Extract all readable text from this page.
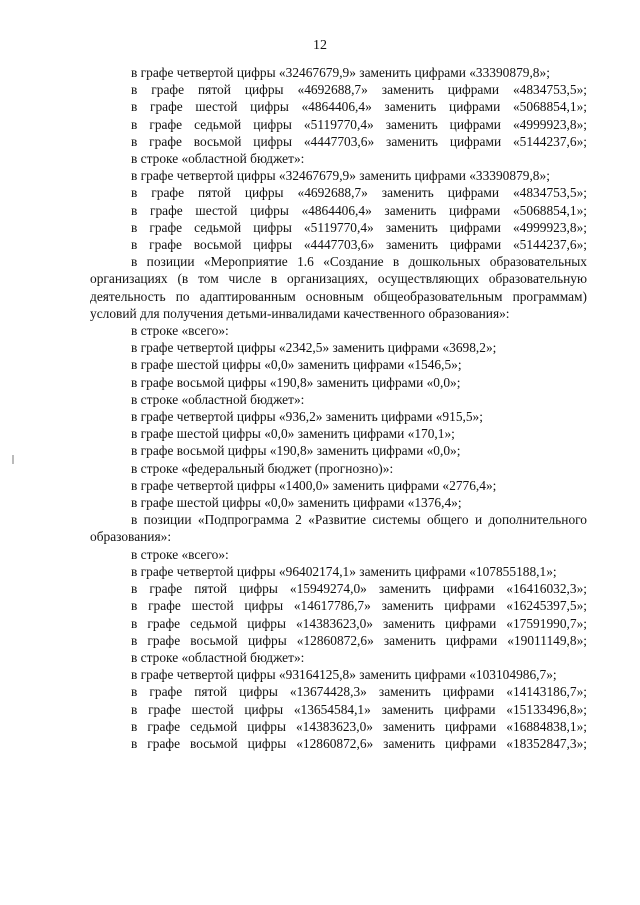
12
в графе четвертой цифры «32467679,9» заменить цифрами «33390879,8»;
в графе пятой цифры «4692688,7» заменить цифрами «4834753,5»;
в графе шестой цифры «4864406,4» заменить цифрами «5068854,1»;
в графе седьмой цифры «5119770,4» заменить цифрами «4999923,8»;
в графе восьмой цифры «4447703,6» заменить цифрами «5144237,6»;
в строке «областной бюджет»:
в графе четвертой цифры «32467679,9» заменить цифрами «33390879,8»;
в графе пятой цифры «4692688,7» заменить цифрами «4834753,5»;
в графе шестой цифры «4864406,4» заменить цифрами «5068854,1»;
в графе седьмой цифры «5119770,4» заменить цифрами «4999923,8»;
в графе восьмой цифры «4447703,6» заменить цифрами «5144237,6»;
в позиции «Мероприятие 1.6 «Создание в дошкольных образовательных организациях (в том числе в организациях, осуществляющих образовательную деятельность по адаптированным основным общеобразовательным программам) условий для получения детьми-инвалидами качественного образования»:
в строке «всего»:
в графе четвертой цифры «2342,5» заменить цифрами «3698,2»;
в графе шестой цифры «0,0» заменить цифрами «1546,5»;
в графе восьмой цифры «190,8» заменить цифрами «0,0»;
в строке «областной бюджет»:
в графе четвертой цифры «936,2» заменить цифрами «915,5»;
в графе шестой цифры «0,0» заменить цифрами «170,1»;
в графе восьмой цифры «190,8» заменить цифрами «0,0»;
в строке «федеральный бюджет (прогнозно)»:
в графе четвертой цифры «1400,0» заменить цифрами «2776,4»;
в графе шестой цифры «0,0» заменить цифрами «1376,4»;
в позиции «Подпрограмма 2 «Развитие системы общего и дополнительного образования»:
в строке «всего»:
в графе четвертой цифры «96402174,1» заменить цифрами «107855188,1»;
в графе пятой цифры «15949274,0» заменить цифрами «16416032,3»;
в графе шестой цифры «14617786,7» заменить цифрами «16245397,5»;
в графе седьмой цифры «14383623,0» заменить цифрами «17591990,7»;
в графе восьмой цифры «12860872,6» заменить цифрами «19011149,8»;
в строке «областной бюджет»:
в графе четвертой цифры «93164125,8» заменить цифрами «103104986,7»;
в графе пятой цифры «13674428,3» заменить цифрами «14143186,7»;
в графе шестой цифры «13654584,1» заменить цифрами «15133496,8»;
в графе седьмой цифры «14383623,0» заменить цифрами «16884838,1»;
в графе восьмой цифры «12860872,6» заменить цифрами «18352847,3»;
